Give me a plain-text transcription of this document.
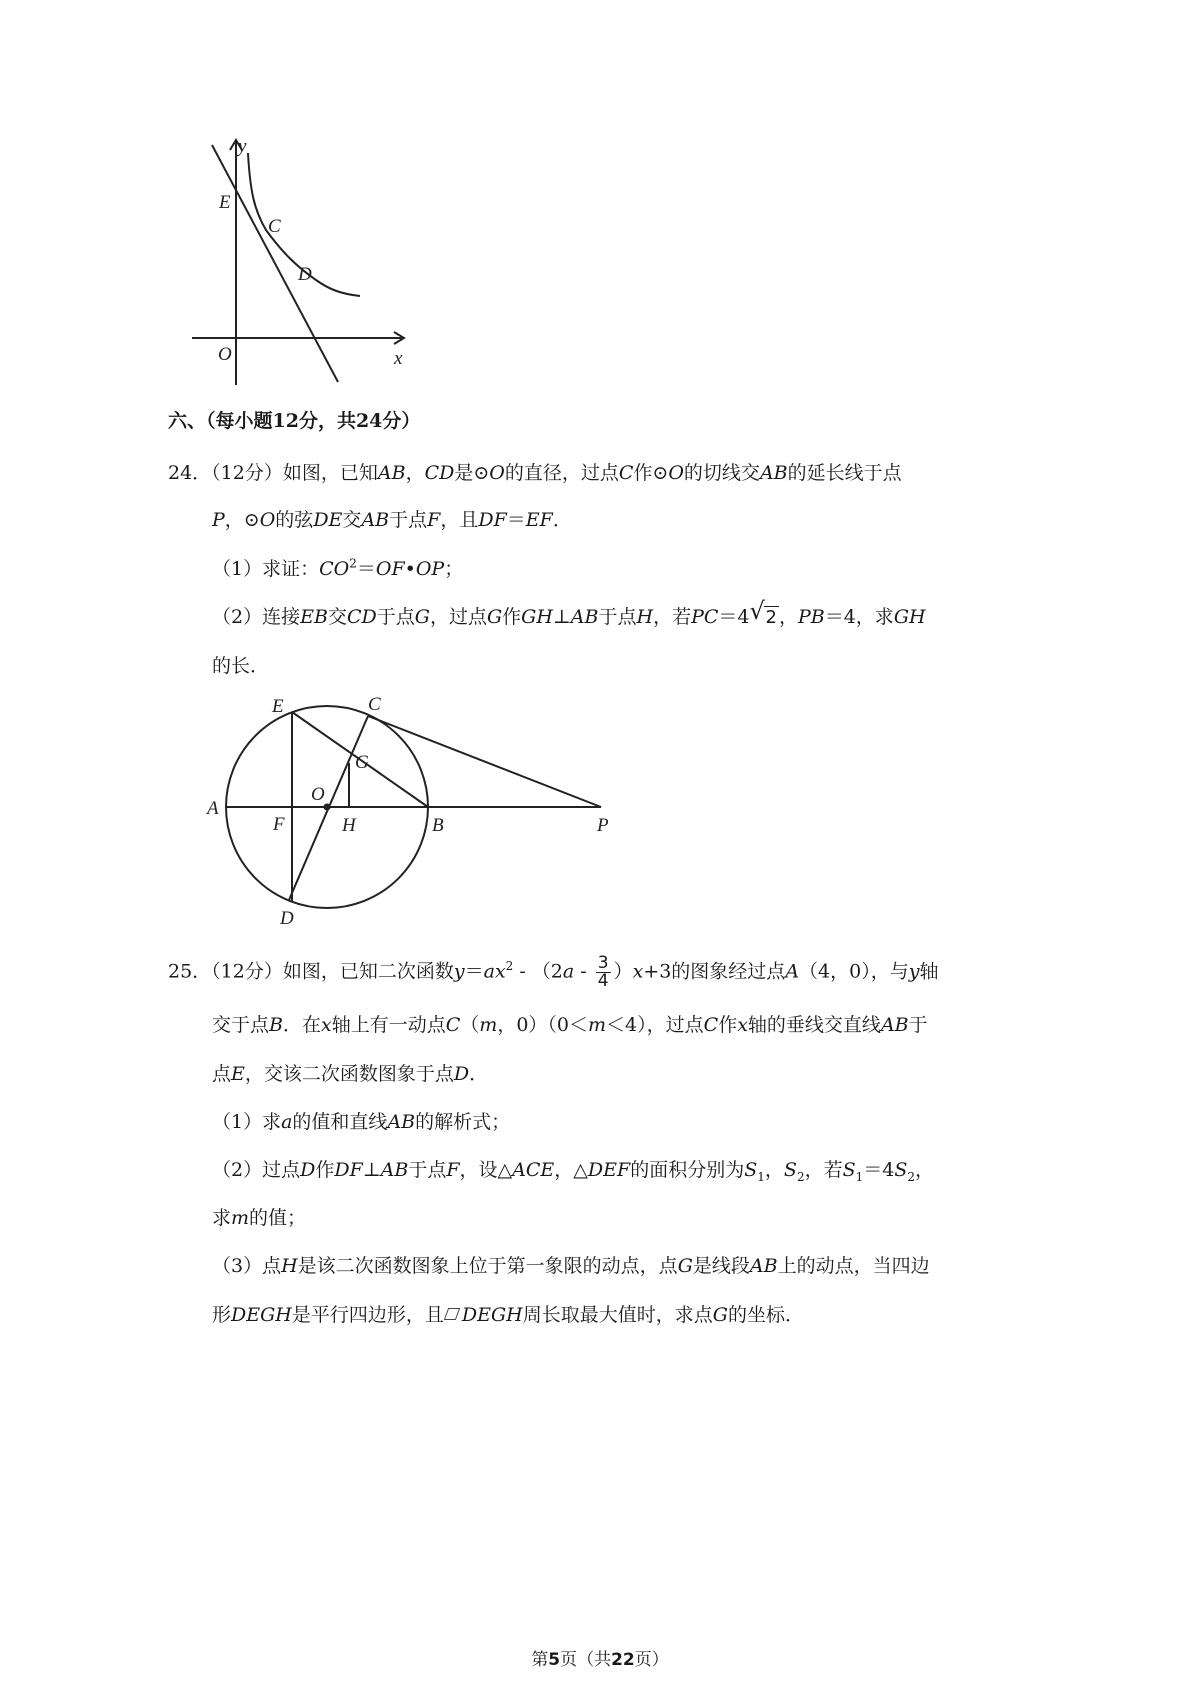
y
x
O
E
C
D
六、（每小题12分，共24分）
24．（12分）如图，已知AB，CD是⊙O的直径，过点C作⊙O的切线交AB的延长线于点
P，⊙O的弦DE交AB于点F，且DF＝EF．
（1）求证：$CO^2=OF•OP$；
（2）连接EB交CD于点G，过点G作GH⊥AB于点H，若PC＝4 √ 2 ，PB＝4，求GH
的长．
E	C
G
O
A
F	H	B	P
D
25．（12分）如图，已知二次函数$y=ax^2 - (2a - \frac{3}{4} )x+3$的图象经过点A（4，0），与y轴
交于点B．在x轴上有一动点C（m，0）（0＜m＜4），过点C作x轴的垂线交直线AB于
点E，交该二次函数图象于点D．
（1）求a的值和直线AB的解析式；
（2）过点D作DF⊥AB于点F，设△ACE，△DEF的面积分别为$S_1$，$S_2$，若$S_1=4S_2$，
求m的值；
（3）点H是该二次函数图象上位于第一象限的动点，点G是线段AB上的动点，当四边
形DEGH是平行四边形，且 DEGH周长取最大值时，求点G的坐标．
第5页（共22页）
